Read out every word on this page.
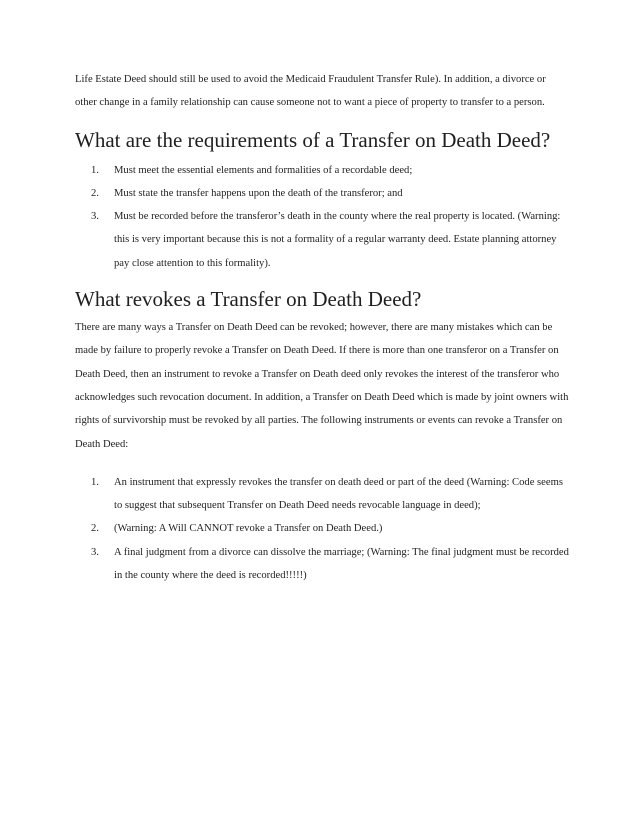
Life Estate Deed should still be used to avoid the Medicaid Fraudulent Transfer Rule). In addition, a divorce or other change in a family relationship can cause someone not to want a piece of property to transfer to a person.

What are the requirements of a Transfer on Death Deed?
1. Must meet the essential elements and formalities of a recordable deed;
2. Must state the transfer happens upon the death of the transferor; and
3. Must be recorded before the transferor’s death in the county where the real property is located. (Warning: this is very important because this is not a formality of a regular warranty deed. Estate planning attorney pay close attention to this formality).
What revokes a Transfer on Death Deed?

There are many ways a Transfer on Death Deed can be revoked; however, there are many mistakes which can be made by failure to properly revoke a Transfer on Death Deed. If there is more than one transferor on a Transfer on Death Deed, then an instrument to revoke a Transfer on Death deed only revokes the interest of the transferor who acknowledges such revocation document. In addition, a Transfer on Death Deed which is made by joint owners with rights of survivorship must be revoked by all parties. The following instruments or events can revoke a Transfer on Death Deed:

1. An instrument that expressly revokes the transfer on death deed or part of the deed (Warning: Code seems to suggest that subsequent Transfer on Death Deed needs revocable language in deed);
2. (Warning: A Will CANNOT revoke a Transfer on Death Deed.)
3. A final judgment from a divorce can dissolve the marriage; (Warning: The final judgment must be recorded in the county where the deed is recorded!!!!!)
